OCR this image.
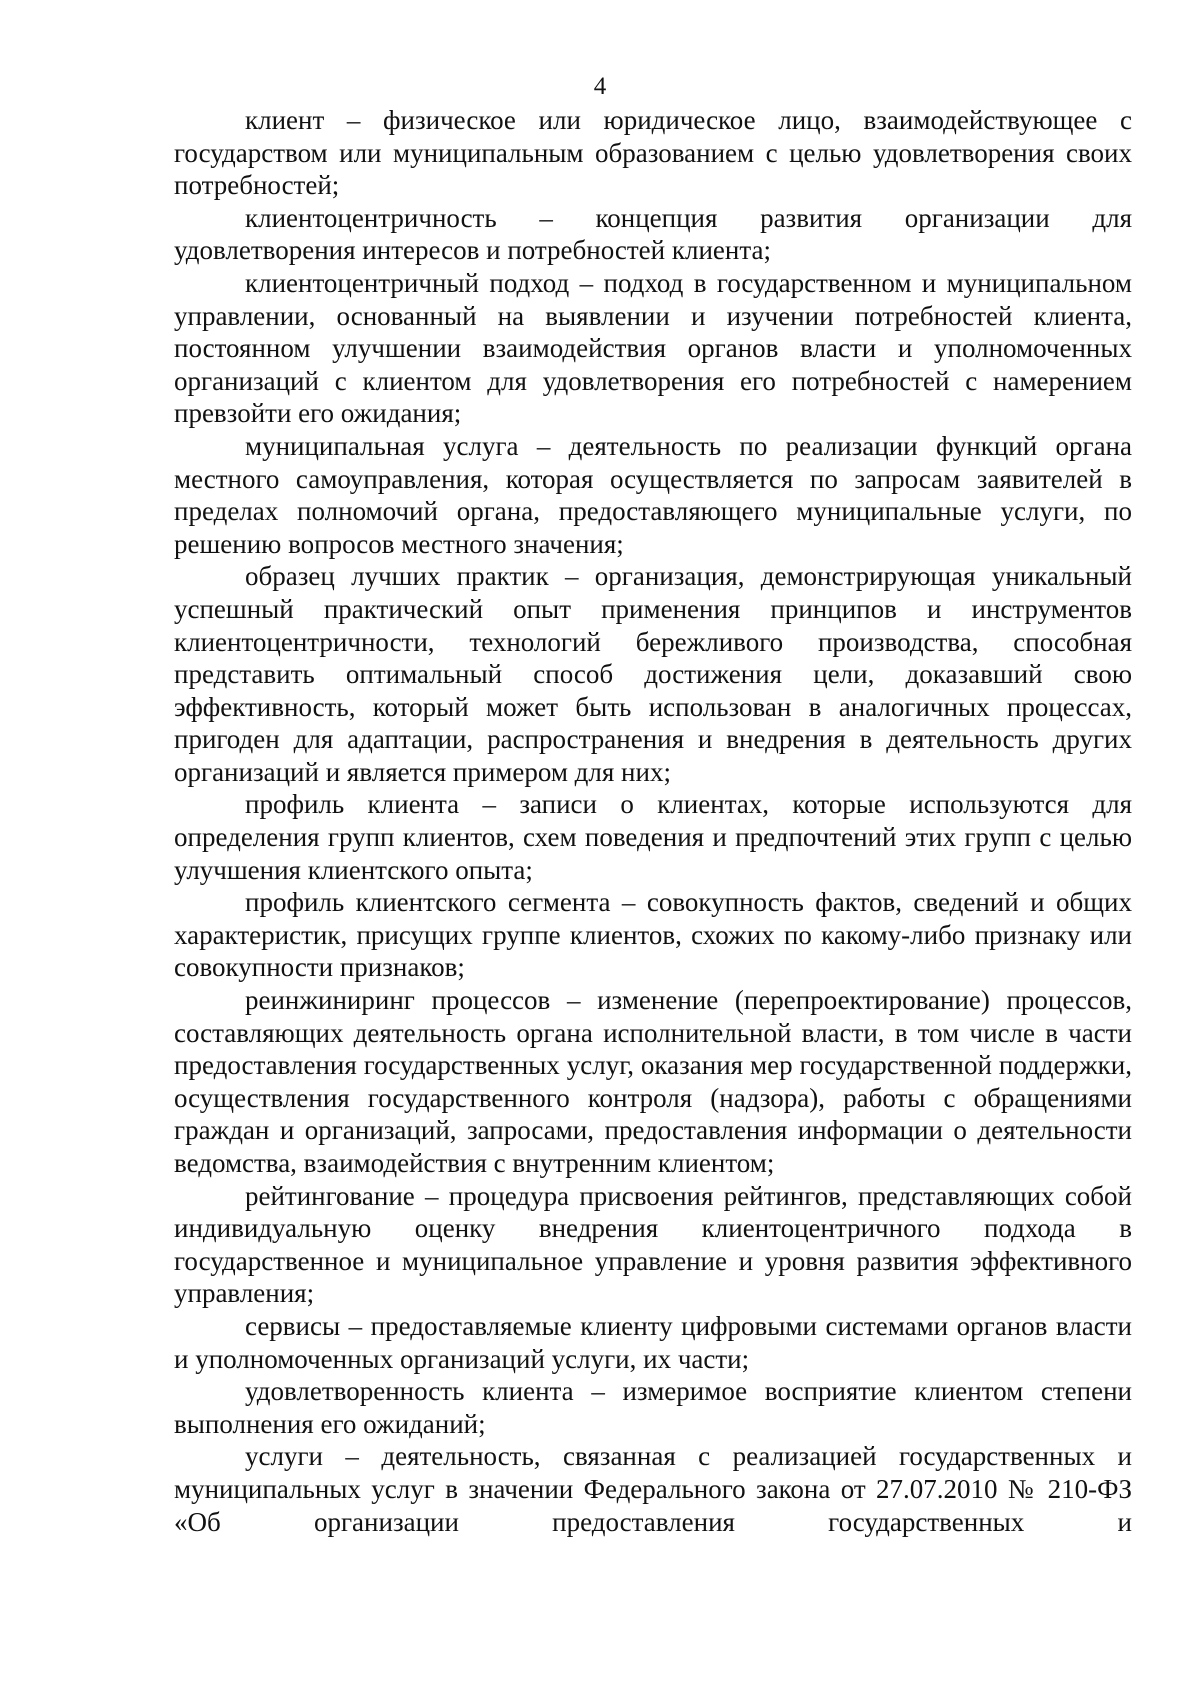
4

клиент – физическое или юридическое лицо, взаимодействующее с государством или муниципальным образованием с целью удовлетворения своих потребностей;

клиентоцентричность – концепция развития организации для удовлетворения интересов и потребностей клиента;

клиентоцентричный подход – подход в государственном и муниципальном управлении, основанный на выявлении и изучении потребностей клиента, постоянном улучшении взаимодействия органов власти и уполномоченных организаций с клиентом для удовлетворения его потребностей с намерением превзойти его ожидания;

муниципальная услуга – деятельность по реализации функций органа местного самоуправления, которая осуществляется по запросам заявителей в пределах полномочий органа, предоставляющего муниципальные услуги, по решению вопросов местного значения;

образец лучших практик – организация, демонстрирующая уникальный успешный практический опыт применения принципов и инструментов клиентоцентричности, технологий бережливого производства, способная представить оптимальный способ достижения цели, доказавший свою эффективность, который может быть использован в аналогичных процессах, пригоден для адаптации, распространения и внедрения в деятельность других организаций и является примером для них;

профиль клиента – записи о клиентах, которые используются для определения групп клиентов, схем поведения и предпочтений этих групп с целью улучшения клиентского опыта;

профиль клиентского сегмента – совокупность фактов, сведений и общих характеристик, присущих группе клиентов, схожих по какому-либо признаку или совокупности признаков;

реинжиниринг процессов – изменение (перепроектирование) процессов, составляющих деятельность органа исполнительной власти, в том числе в части предоставления государственных услуг, оказания мер государственной поддержки, осуществления государственного контроля (надзора), работы с обращениями граждан и организаций, запросами, предоставления информации о деятельности ведомства, взаимодействия с внутренним клиентом;

рейтингование – процедура присвоения рейтингов, представляющих собой индивидуальную оценку внедрения клиентоцентричного подхода в государственное и муниципальное управление и уровня развития эффективного управления;

сервисы – предоставляемые клиенту цифровыми системами органов власти и уполномоченных организаций услуги, их части;

удовлетворенность клиента – измеримое восприятие клиентом степени выполнения его ожиданий;

услуги – деятельность, связанная с реализацией государственных и муниципальных услуг в значении Федерального закона от 27.07.2010 № 210-ФЗ «Об организации предоставления государственных и
